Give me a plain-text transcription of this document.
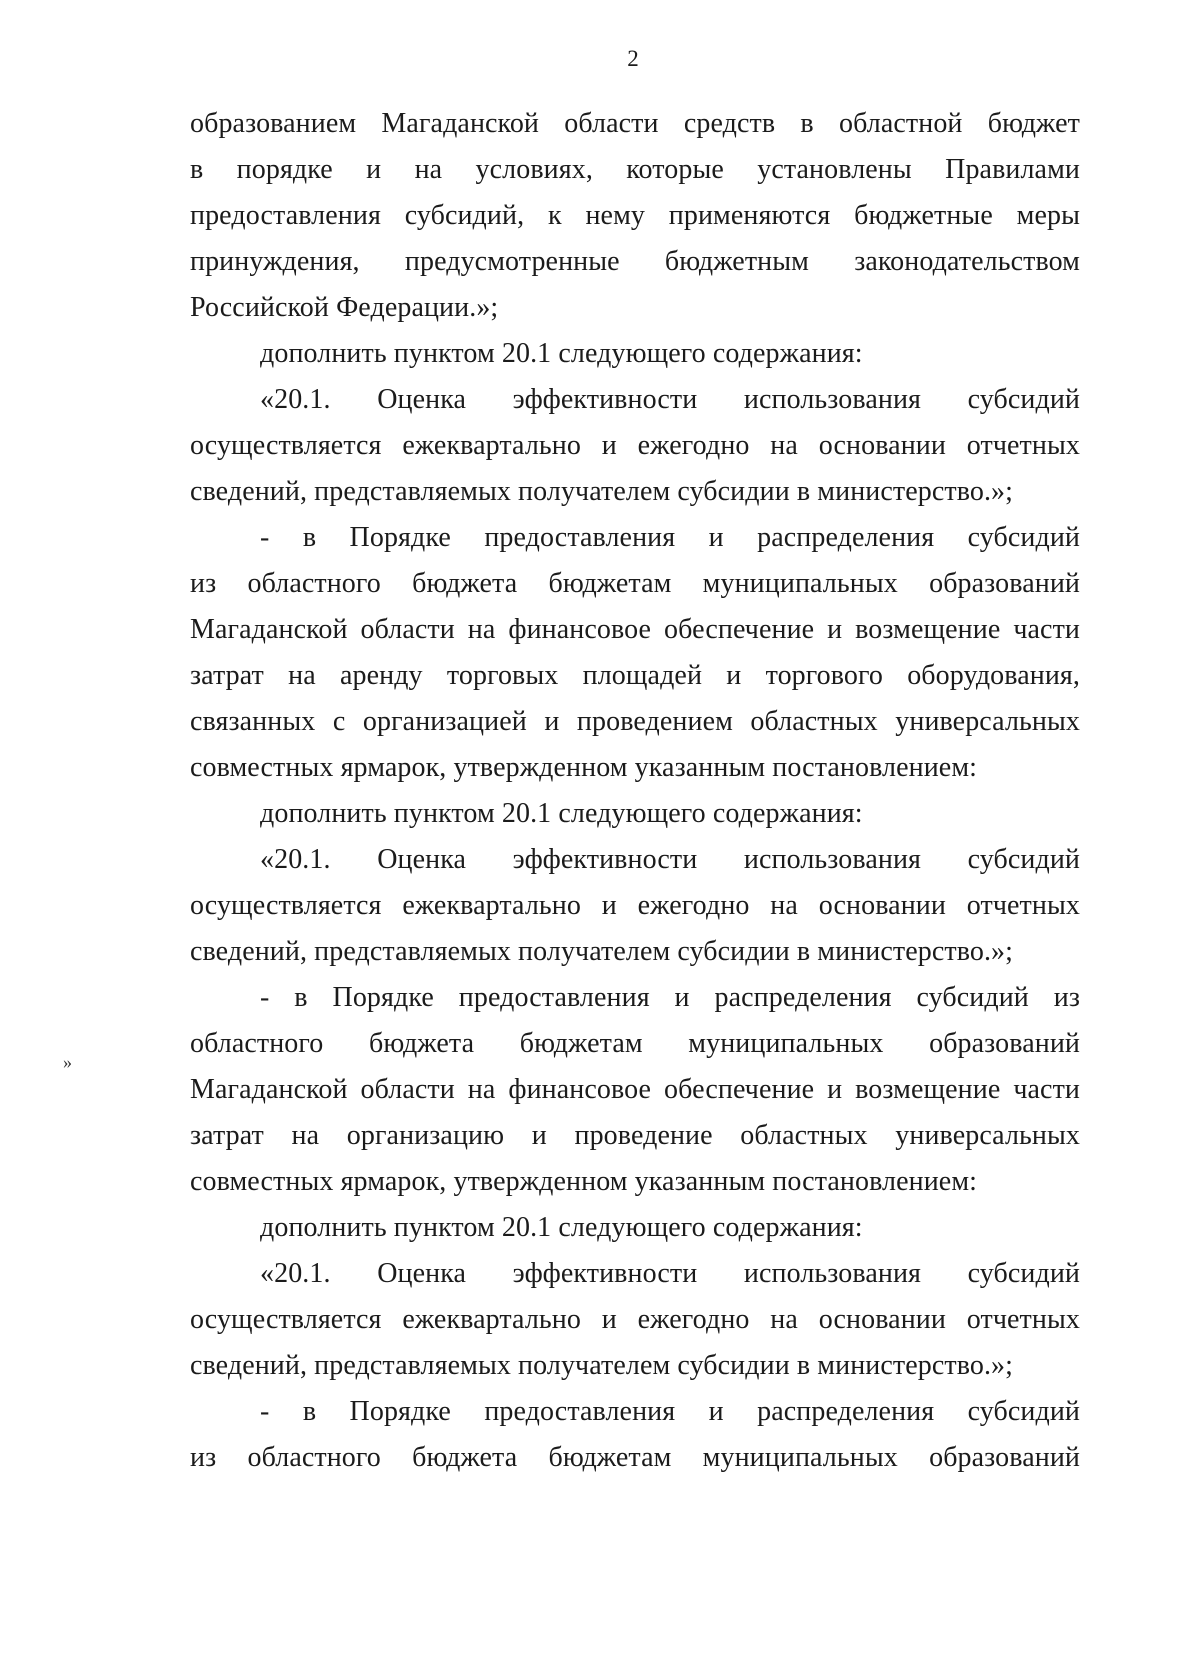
2
»
образованием Магаданской области средств в областной бюджет
в порядке и на условиях, которые установлены Правилами
предоставления субсидий, к нему применяются бюджетные меры
принуждения, предусмотренные бюджетным законодательством
Российской Федерации.»;
дополнить пунктом 20.1 следующего содержания:
«20.1. Оценка эффективности использования субсидий
осуществляется ежеквартально и ежегодно на основании отчетных
сведений, представляемых получателем субсидии в министерство.»;
- в Порядке предоставления и распределения субсидий
из областного бюджета бюджетам муниципальных образований
Магаданской области на финансовое обеспечение и возмещение части
затрат на аренду торговых площадей и торгового оборудования,
связанных с организацией и проведением областных универсальных
совместных ярмарок, утвержденном указанным постановлением:
дополнить пунктом 20.1 следующего содержания:
«20.1. Оценка эффективности использования субсидий
осуществляется ежеквартально и ежегодно на основании отчетных
сведений, представляемых получателем субсидии в министерство.»;
- в Порядке предоставления и распределения субсидий из
областного бюджета бюджетам муниципальных образований
Магаданской области на финансовое обеспечение и возмещение части
затрат на организацию и проведение областных универсальных
совместных ярмарок, утвержденном указанным постановлением:
дополнить пунктом 20.1 следующего содержания:
«20.1. Оценка эффективности использования субсидий
осуществляется ежеквартально и ежегодно на основании отчетных
сведений, представляемых получателем субсидии в министерство.»;
- в Порядке предоставления и распределения субсидий
из областного бюджета бюджетам муниципальных образований
